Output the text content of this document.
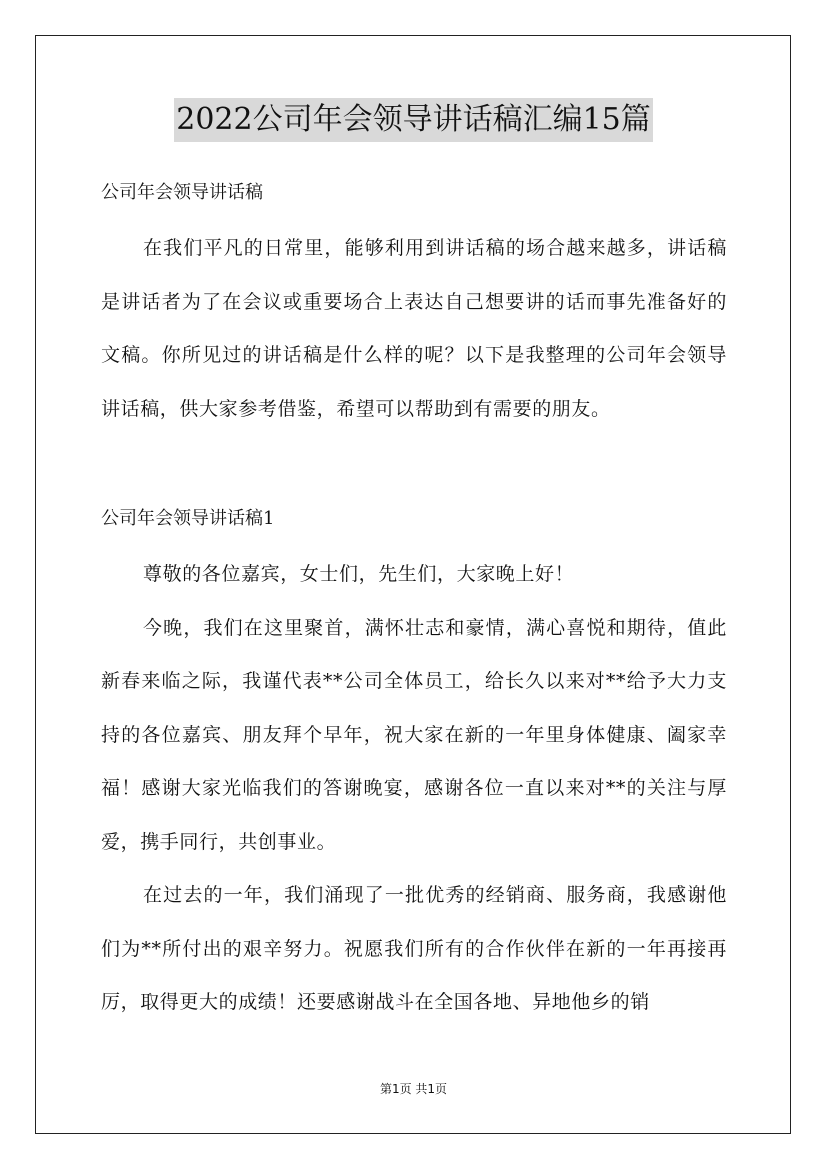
2022公司年会领导讲话稿汇编15篇

公司年会领导讲话稿

在我们平凡的日常里，能够利用到讲话稿的场合越来越多，讲话稿是讲话者为了在会议或重要场合上表达自己想要讲的话而事先准备好的文稿。你所见过的讲话稿是什么样的呢？以下是我整理的公司年会领导讲话稿，供大家参考借鉴，希望可以帮助到有需要的朋友。

公司年会领导讲话稿1

尊敬的各位嘉宾，女士们，先生们，大家晚上好！

今晚，我们在这里聚首，满怀壮志和豪情，满心喜悦和期待，值此新春来临之际，我谨代表**公司全体员工，给长久以来对**给予大力支持的各位嘉宾、朋友拜个早年，祝大家在新的一年里身体健康、阖家幸福！感谢大家光临我们的答谢晚宴，感谢各位一直以来对**的关注与厚爱，携手同行，共创事业。

在过去的一年，我们涌现了一批优秀的经销商、服务商，我感谢他们为**所付出的艰辛努力。祝愿我们所有的合作伙伴在新的一年再接再厉，取得更大的成绩！还要感谢战斗在全国各地、异地他乡的销

第1页 共1页
